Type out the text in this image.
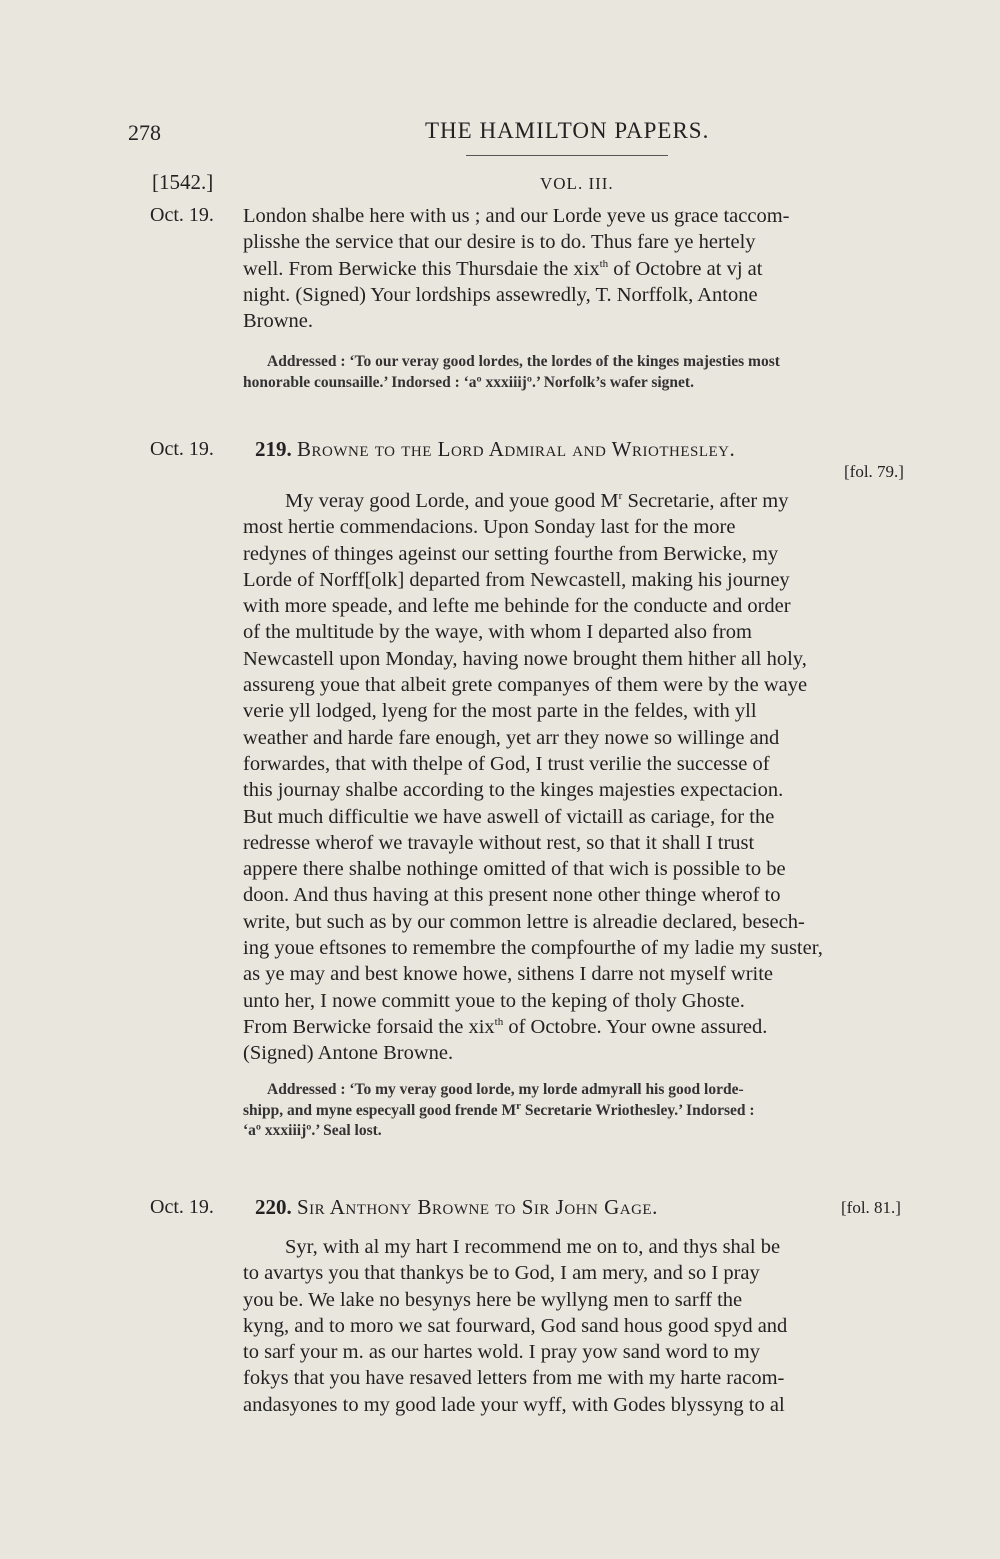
278	THE HAMILTON PAPERS.
[1542.]	VOL. III.
Oct. 19. London shalbe here with us ; and our Lorde yeve us grace taccom-
plisshe the service that our desire is to do. Thus fare ye hertely
well. From Berwicke this Thursdaie the xix$^{th}$ of Octobre at vj at
night. (Signed) Your lordships assewredly, T. Norffolk, Antone
Browne.
Addressed : ‘To our veray good lordes, the lordes of the kinges majesties most
honorable counsaille.’ Indorsed : ‘aº xxxiiijº.’ Norfolk’s wafer signet.
Oct. 19. 219. Browne to the Lord Admiral and Wriothesley.
[fol. 79.]
My veray good Lorde, and youe good $M^r$ Secretarie, after my
most hertie commendacions. Upon Sonday last for the more
redynes of thinges ageinst our setting fourthe from Berwicke, my
Lorde of Norff[olk] departed from Newcastell, making his journey
with more speade, and lefte me behinde for the conducte and order
of the multitude by the waye, with whom I departed also from
Newcastell upon Monday, having nowe brought them hither all holy,
assureng youe that albeit grete companyes of them were by the waye
verie yll lodged, lyeng for the most parte in the feldes, with yll
weather and harde fare enough, yet arr they nowe so willinge and
forwardes, that with thelpe of God, I trust verilie the successe of
this journay shalbe according to the kinges majesties expectacion.
But much difficultie we have aswell of victaill as cariage, for the
redresse wherof we travayle without rest, so that it shall I trust
appere there shalbe nothinge omitted of that wich is possible to be
doon. And thus having at this present none other thinge wherof to
write, but such as by our common lettre is alreadie declared, besech-
ing youe eftsones to remembre the compfourthe of my ladie my suster,
as ye may and best knowe howe, sithens I darre not myself write
unto her, I nowe committ youe to the keping of tholy Ghoste.
From Berwicke forsaid the xix$^{th}$ of Octobre. Your owne assured.
(Signed) Antone Browne.
Addressed : ‘To my veray good lorde, my lorde admyrall his good lorde-
shipp, and myne especyall good frende $M^r$ Secretarie Wriothesley.’ Indorsed :
‘aº xxxiiijº.’ Seal lost.
Oct. 19. 220. Sir Anthony Browne to Sir John Gage.	[fol. 81.]
Syr, with al my hart I recommend me on to, and thys shal be
to avartys you that thankys be to God, I am mery, and so I pray
you be. We lake no besynys here be wyllyng men to sarff the
kyng, and to moro we sat fourward, God sand hous good spyd and
to sarf your m. as our hartes wold. I pray yow sand word to my
fokys that you have resaved letters from me with my harte racom-
andasyones to my good lade your wyff, with Godes blyssyng to al
